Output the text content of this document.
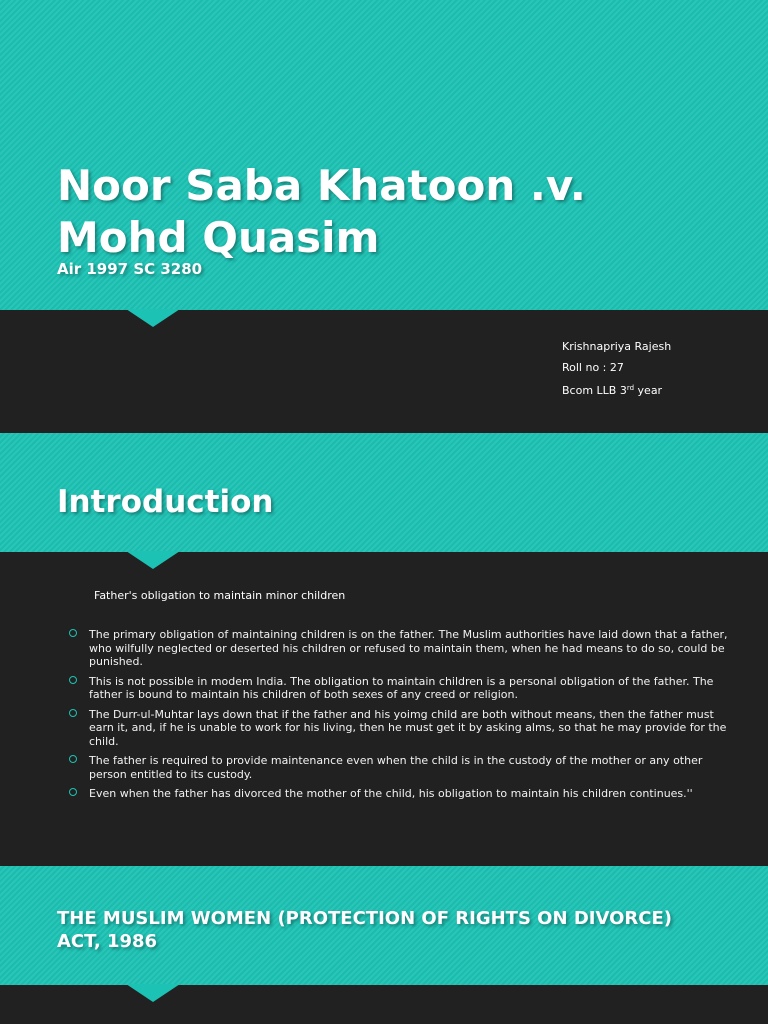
Noor Saba Khatoon .v. Mohd Quasim
Air 1997 SC 3280
Krishnapriya Rajesh
Roll no : 27
Bcom LLB 3rd year
Introduction
Father's obligation to maintain minor children
The primary obligation of maintaining children is on the father. The Muslim authorities have laid down that a father, who wilfully neglected or deserted his children or refused to maintain them, when he had means to do so, could be punished.
This is not possible in modem India. The obligation to maintain children is a personal obligation of the father. The father is bound to maintain his children of both sexes of any creed or religion.
The Durr-ul-Muhtar lays down that if the father and his yoimg child are both without means, then the father must earn it, and, if he is unable to work for his living, then he must get it by asking alms, so that he may provide for the child.
The father is required to provide maintenance even when the child is in the custody of the mother or any other person entitled to its custody.
Even when the father has divorced the mother of the child, his obligation to maintain his children continues.''
THE MUSLIM WOMEN (PROTECTION OF RIGHTS ON DIVORCE) ACT, 1986
